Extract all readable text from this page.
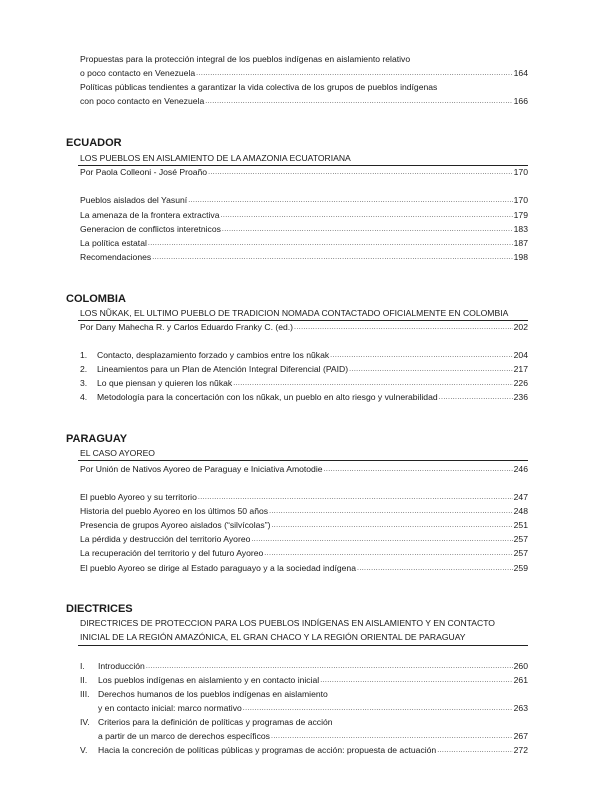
Propuestas para la protección integral de los pueblos indígenas en aislamiento relativo
o poco contacto en Venezuela .....	164
Políticas públicas tendientes a garantizar la vida colectiva de los grupos de pueblos indígenas
con poco contacto en Venezuela .....	166
ECUADOR
LOS PUEBLOS EN AISLAMIENTO DE LA AMAZONIA ECUATORIANA
Por Paola Colleoni - José Proaño .....	170
Pueblos aislados del Yasuní .....	170
La amenaza de la frontera extractiva .....	179
Generacion de conflictos interetnicos .....	183
La política estatal .....	187
Recomendaciones .....	198
COLOMBIA
LOS NŨKAK, EL ULTIMO PUEBLO DE TRADICION NOMADA CONTACTADO OFICIALMENTE EN COLOMBIA
Por Dany Mahecha R. y Carlos Eduardo Franky C. (ed.) .....	202
1. Contacto, desplazamiento forzado y cambios entre los nũkak .....	204
2. Lineamientos para un Plan de Atención Integral Diferencial (PAID) .....	217
3. Lo que piensan y quieren los nũkak .....	226
4. Metodología para la concertación con los nũkak, un pueblo en alto riesgo y vulnerabilidad .....	236
PARAGUAY
EL CASO AYOREO
Por Unión de Nativos Ayoreo de Paraguay e Iniciativa Amotodie .....	246
El pueblo Ayoreo y su territorio .....	247
Historia del pueblo Ayoreo en los últimos 50 años .....	248
Presencia de grupos Ayoreo aislados (“silvícolas”) .....	251
La pérdida y destrucción del territorio Ayoreo .....	257
La recuperación del territorio y del futuro Ayoreo .....	257
El pueblo Ayoreo se dirige al Estado paraguayo y a la sociedad indígena .....	259
DIECTRICES
DIRECTRICES DE PROTECCION PARA LOS PUEBLOS INDÍGENAS EN AISLAMIENTO Y EN CONTACTO
INICIAL DE LA REGIÓN AMAZÓNICA, EL GRAN CHACO Y LA REGIÓN ORIENTAL DE PARAGUAY
I. Introducción .....	260
II. Los pueblos indígenas en aislamiento y en contacto inicial .....	261
III. Derechos humanos de los pueblos indígenas en aislamiento
y en contacto inicial: marco normativo .....	263
IV. Criterios para la definición de políticas y programas de acción
a partir de un marco de derechos específicos .....	267
V. Hacia la concreción de políticas públicas y programas de acción: propuesta de actuación .....	272
